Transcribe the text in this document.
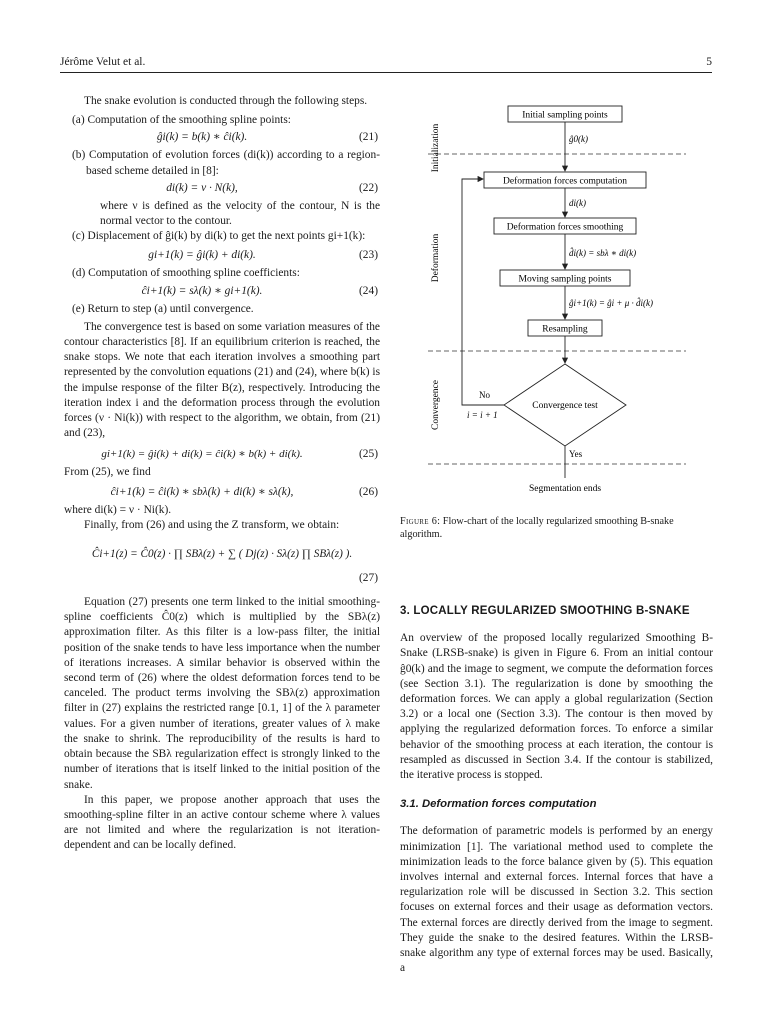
Jérôme Velut et al.	5

The snake evolution is conducted through the following steps.

(a) Computation of the smoothing spline points:

ĝi(k) = b(k) ∗ ĉi(k).	(21)

(b) Computation of evolution forces (di(k)) according to a region-based scheme detailed in [8]:

di(k) = ν · N(k),	(22)

where ν is defined as the velocity of the contour, N is the normal vector to the contour.

(c) Displacement of ĝi(k) by di(k) to get the next points gi+1(k):

gi+1(k) = ĝi(k) + di(k).	(23)

(d) Computation of smoothing spline coefficients:

ĉi+1(k) = sλ(k) ∗ gi+1(k).	(24)

(e) Return to step (a) until convergence.

The convergence test is based on some variation measures of the contour characteristics [8]. If an equilibrium criterion is reached, the snake stops. We note that each iteration involves a smoothing part represented by the convolution equations (21) and (24), where b(k) is the impulse response of the filter B(z), respectively. Introducing the iteration index i and the deformation process through the evolution forces (ν · Ni(k)) with respect to the algorithm, we obtain, from (21) and (23),

gi+1(k) = ĝi(k) + di(k) = ĉi(k) ∗ b(k) + di(k).	(25)

From (25), we find

ĉi+1(k) = ĉi(k) ∗ sbλ(k) + di(k) ∗ sλ(k),	(26)

where di(k) = ν · Ni(k).

Finally, from (26) and using the Z transform, we obtain:

Ĉi+1(z) = Ĉ0(z) · ∏ SBλ(z) + ∑ ( Dj(z) · Sλ(z) ∏ SBλ(z) ).
(27)

Equation (27) presents one term linked to the initial smoothing-spline coefficients Ĉ0(z) which is multiplied by the SBλ(z) approximation filter. As this filter is a low-pass filter, the initial position of the snake tends to have less importance when the number of iterations increases. A similar behavior is observed within the second term of (26) where the oldest deformation forces tend to be canceled. The product terms involving the SBλ(z) approximation filter in (27) explains the restricted range [0.1, 1] of the λ parameter values. For a given number of iterations, greater values of λ make the snake to shrink. The reproducibility of the results is hard to obtain because the SBλ regularization effect is strongly linked to the number of iterations that is itself linked to the initial position of the snake.

In this paper, we propose another approach that uses the smoothing-spline filter in an active contour scheme where λ values are not limited and where the regularization is not iteration-dependent and can be locally defined.

Initialization
Deformation
Convergence
Initial sampling points
ĝ0(k)
Deformation forces computation
di(k)
Deformation forces smoothing
d̂i(k) = sbλ ∗ di(k)
Moving sampling points
ĝi+1(k) = ĝi + μ · d̂i(k)
Resampling
Convergence test
No
i = i + 1
Yes
Segmentation ends
Figure 6: Flow-chart of the locally regularized smoothing B-snake algorithm.
3. LOCALLY REGULARIZED SMOOTHING B-SNAKE

An overview of the proposed locally regularized Smoothing B-Snake (LRSB-snake) is given in Figure 6. From an initial contour ĝ0(k) and the image to segment, we compute the deformation forces (see Section 3.1). The regularization is done by smoothing the deformation forces. We can apply a global regularization (Section 3.2) or a local one (Section 3.3). The contour is then moved by applying the regularized deformation forces. To enforce a similar behavior of the smoothing process at each iteration, the contour is resampled as discussed in Section 3.4. If the contour is stabilized, the iterative process is stopped.

3.1. Deformation forces computation

The deformation of parametric models is performed by an energy minimization [1]. The variational method used to complete the minimization leads to the force balance given by (5). This equation involves internal and external forces. Internal forces that have a regularization role will be discussed in Section 3.2. This section focuses on external forces and their usage as deformation vectors. The external forces are directly derived from the image to segment. They guide the snake to the desired features. Within the LRSB-snake algorithm any type of external forces may be used. Basically, a
